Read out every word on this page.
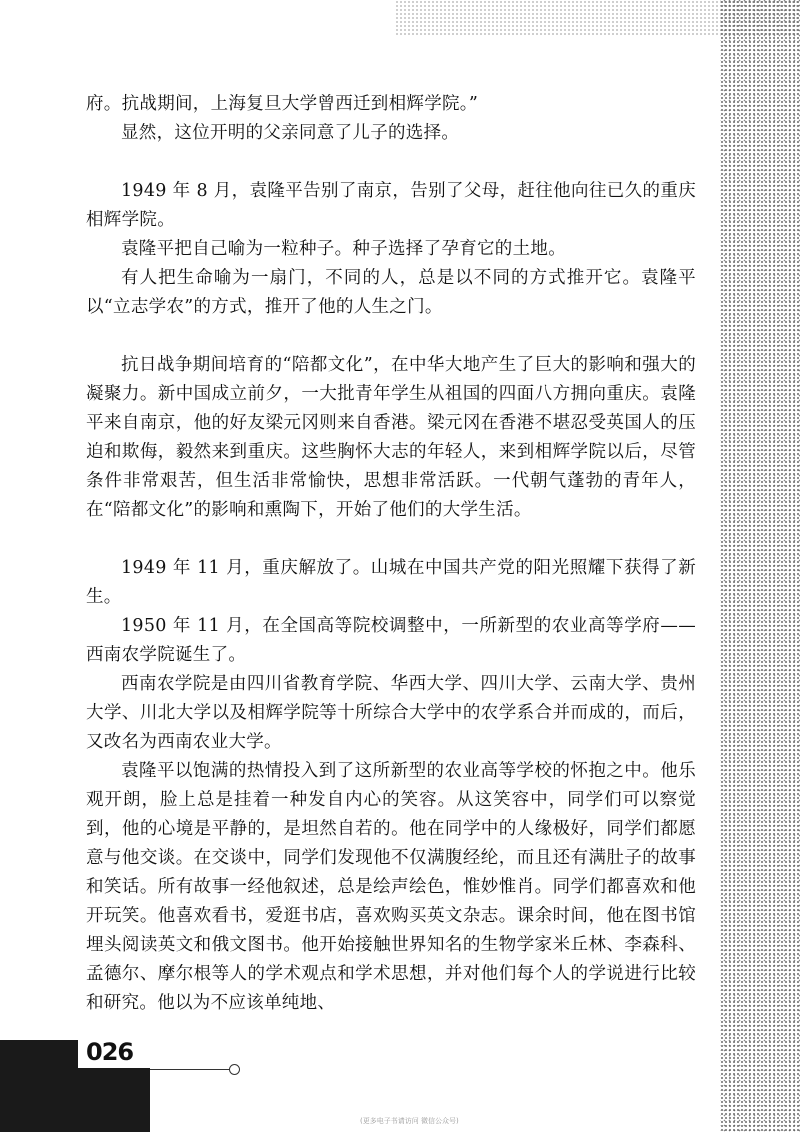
府。抗战期间，上海复旦大学曾西迁到相辉学院。”

显然，这位开明的父亲同意了儿子的选择。

1949 年 8 月，袁隆平告别了南京，告别了父母，赶往他向往已久的重庆相辉学院。

袁隆平把自己喻为一粒种子。种子选择了孕育它的土地。

有人把生命喻为一扇门，不同的人，总是以不同的方式推开它。袁隆平以“立志学农”的方式，推开了他的人生之门。

抗日战争期间培育的“陪都文化”，在中华大地产生了巨大的影响和强大的凝聚力。新中国成立前夕，一大批青年学生从祖国的四面八方拥向重庆。袁隆平来自南京，他的好友梁元冈则来自香港。梁元冈在香港不堪忍受英国人的压迫和欺侮，毅然来到重庆。这些胸怀大志的年轻人，来到相辉学院以后，尽管条件非常艰苦，但生活非常愉快，思想非常活跃。一代朝气蓬勃的青年人，在“陪都文化”的影响和熏陶下，开始了他们的大学生活。

1949 年 11 月，重庆解放了。山城在中国共产党的阳光照耀下获得了新生。

1950 年 11 月，在全国高等院校调整中，一所新型的农业高等学府——西南农学院诞生了。

西南农学院是由四川省教育学院、华西大学、四川大学、云南大学、贵州大学、川北大学以及相辉学院等十所综合大学中的农学系合并而成的，而后，又改名为西南农业大学。

袁隆平以饱满的热情投入到了这所新型的农业高等学校的怀抱之中。他乐观开朗，脸上总是挂着一种发自内心的笑容。从这笑容中，同学们可以察觉到，他的心境是平静的，是坦然自若的。他在同学中的人缘极好，同学们都愿意与他交谈。在交谈中，同学们发现他不仅满腹经纶，而且还有满肚子的故事和笑话。所有故事一经他叙述，总是绘声绘色，惟妙惟肖。同学们都喜欢和他开玩笑。他喜欢看书，爱逛书店，喜欢购买英文杂志。课余时间，他在图书馆埋头阅读英文和俄文图书。他开始接触世界知名的生物学家米丘林、李森科、孟德尔、摩尔根等人的学术观点和学术思想，并对他们每个人的学说进行比较和研究。他以为不应该单纯地、

026
(更多电子书请访问 微信公众号)
